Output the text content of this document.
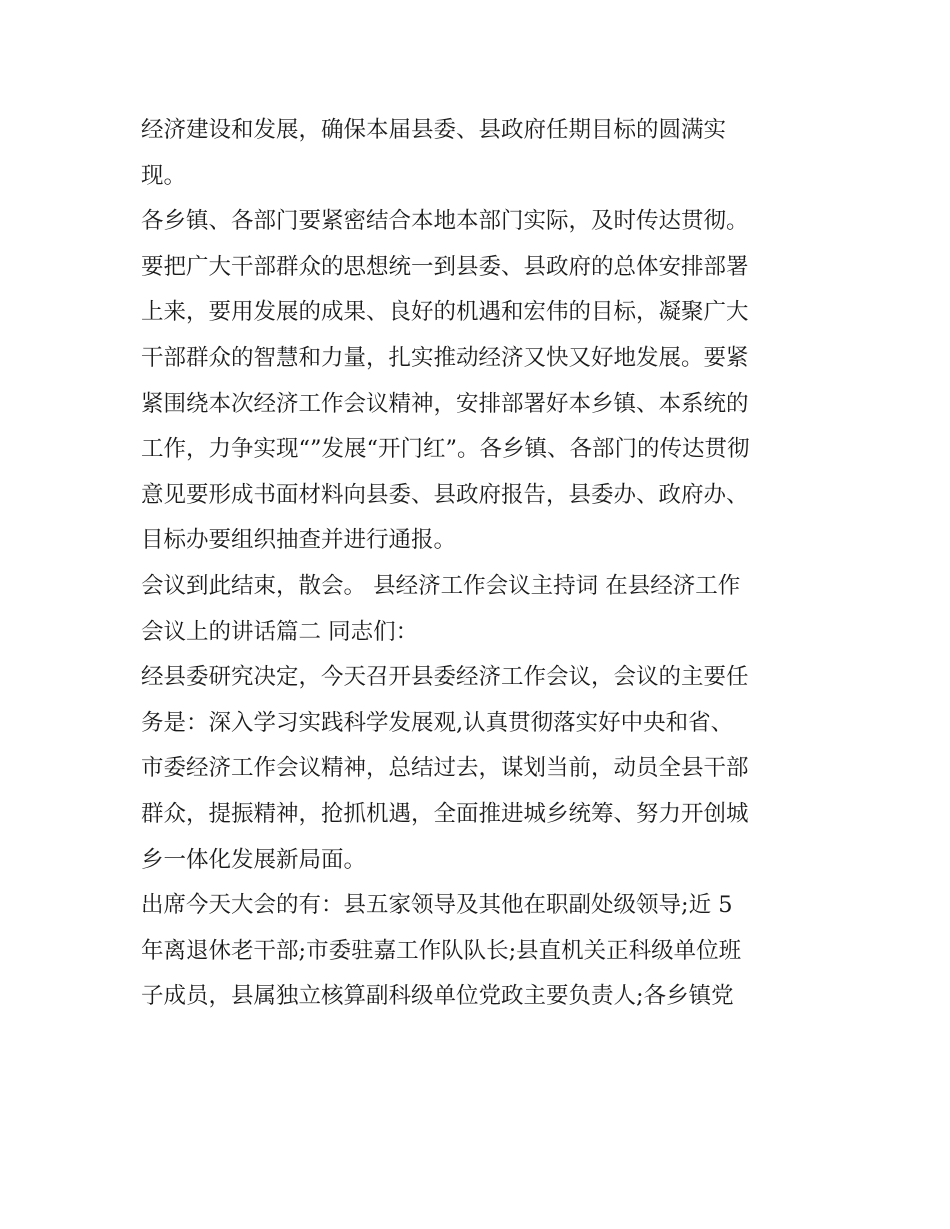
经济建设和发展，确保本届县委、县政府任期目标的圆满实
现。
各乡镇、各部门要紧密结合本地本部门实际，及时传达贯彻。
要把广大干部群众的思想统一到县委、县政府的总体安排部署
上来，要用发展的成果、良好的机遇和宏伟的目标，凝聚广大
干部群众的智慧和力量，扎实推动经济又快又好地发展。要紧
紧围绕本次经济工作会议精神，安排部署好本乡镇、本系统的
工作，力争实现“”发展“开门红”。各乡镇、各部门的传达贯彻
意见要形成书面材料向县委、县政府报告，县委办、政府办、
目标办要组织抽查并进行通报。
会议到此结束，散会。 县经济工作会议主持词 在县经济工作
会议上的讲话篇二 同志们：
经县委研究决定，今天召开县委经济工作会议，会议的主要任
务是：深入学习实践科学发展观,认真贯彻落实好中央和省、
市委经济工作会议精神，总结过去，谋划当前，动员全县干部
群众，提振精神，抢抓机遇，全面推进城乡统筹、努力开创城
乡一体化发展新局面。
出席今天大会的有：县五家领导及其他在职副处级领导;近 5
年离退休老干部;市委驻嘉工作队队长;县直机关正科级单位班
子成员，县属独立核算副科级单位党政主要负责人;各乡镇党
